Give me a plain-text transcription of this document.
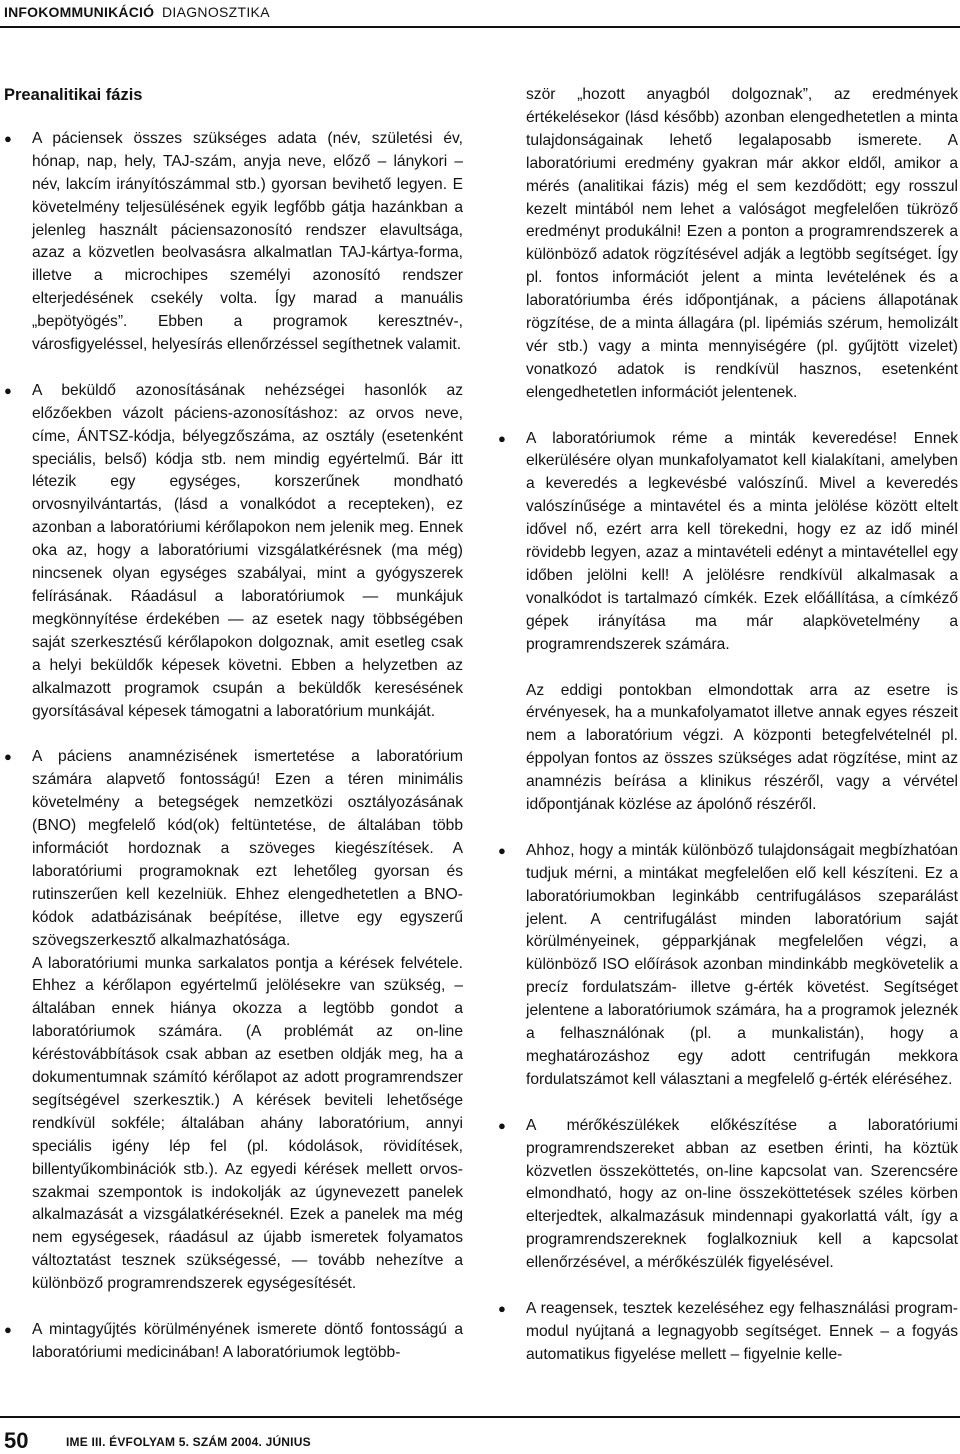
INFOKOMMUNIKÁCIÓ DIAGNOSZTIKA
Preanalitikai fázis
● A páciensek összes szükséges adata (név, születési év, hónap, nap, hely, TAJ-szám, anyja neve, előző – lánykori – név, lakcím irányítószámmal stb.) gyorsan bevihető legyen. E követelmény teljesülésének egyik legfőbb gátja hazánkban a jelenleg használt páciensazonosító rendszer elavultsága, azaz a közvetlen beolvasásra alkalmatlan TAJ-kártya-forma, illetve a microchipes személyi azonosító rendszer elterjedésének csekély volta. Így marad a manuális „bepötyögés”. Ebben a programok keresztnév-, városfigyeléssel, helyesírás ellenőrzéssel segíthetnek valamit.

● A beküldő azonosításának nehézségei hasonlók az előzőekben vázolt páciens-azonosításhoz: az orvos neve, címe, ÁNTSZ-kódja, bélyegzőszáma, az osztály (esetenként speciális, belső) kódja stb. nem mindig egyértelmű. Bár itt létezik egy egységes, korszerűnek mondható orvosnyilvántartás, (lásd a vonalkódot a recepteken), ez azonban a laboratóriumi kérőlapokon nem jelenik meg. Ennek oka az, hogy a laboratóriumi vizsgálatkérésnek (ma még) nincsenek olyan egységes szabályai, mint a gyógyszerek felírásának. Ráadásul a laboratóriumok — munkájuk megkönnyítése érdekében — az esetek nagy többségében saját szerkesztésű kérőlapokon dolgoznak, amit esetleg csak a helyi beküldők képesek követni. Ebben a helyzetben az alkalmazott programok csupán a beküldők keresésének gyorsításával képesek támogatni a laboratórium munkáját.

● A páciens anamnézisének ismertetése a laboratórium számára alapvető fontosságú! Ezen a téren minimális követelmény a betegségek nemzetközi osztályozásának (BNO) megfelelő kód(ok) feltüntetése, de általában több információt hordoznak a szöveges kiegészítések. A laboratóriumi programoknak ezt lehetőleg gyorsan és rutinszerűen kell kezelniük. Ehhez elengedhetetlen a BNO-kódok adatbázisának beépítése, illetve egy egyszerű szövegszerkesztő alkalmazhatósága.

A laboratóriumi munka sarkalatos pontja a kérések felvétele. Ehhez a kérőlapon egyértelmű jelölésekre van szükség, – általában ennek hiánya okozza a legtöbb gondot a laboratóriumok számára. (A problémát az on-line kéréstovábbítások csak abban az esetben oldják meg, ha a dokumentumnak számító kérőlapot az adott programrendszer segítségével szerkesztik.) A kérések beviteli lehetősége rendkívül sokféle; általában ahány laboratórium, annyi speciális igény lép fel (pl. kódolások, rövidítések, billentyűkombinációk stb.). Az egyedi kérések mellett orvos-szakmai szempontok is indokolják az úgynevezett panelek alkalmazását a vizsgálatkéréseknél. Ezek a panelek ma még nem egységesek, ráadásul az újabb ismeretek folyamatos változtatást tesznek szükségessé, — tovább nehezítve a különböző programrendszerek egységesítését.

● A mintagyűjtés körülményének ismerete döntő fontosságú a laboratóriumi medicinában! A laboratóriumok legtöbb-

ször „hozott anyagból dolgoznak”, az eredmények értékelésekor (lásd később) azonban elengedhetetlen a minta tulajdonságainak lehető legalaposabb ismerete. A laboratóriumi eredmény gyakran már akkor eldől, amikor a mérés (analitikai fázis) még el sem kezdődött; egy rosszul kezelt mintából nem lehet a valóságot megfelelően tükröző eredményt produkálni! Ezen a ponton a programrendszerek a különböző adatok rögzítésével adják a legtöbb segítséget. Így pl. fontos információt jelent a minta levételének és a laboratóriumba érés időpontjának, a páciens állapotának rögzítése, de a minta állagára (pl. lipémiás szérum, hemolizált vér stb.) vagy a minta mennyiségére (pl. gyűjtött vizelet) vonatkozó adatok is rendkívül hasznos, esetenként elengedhetetlen információt jelentenek.

● A laboratóriumok réme a minták keveredése! Ennek elkerülésére olyan munkafolyamatot kell kialakítani, amelyben a keveredés a legkevésbé valószínű. Mivel a keveredés valószínűsége a mintavétel és a minta jelölése között eltelt idővel nő, ezért arra kell törekedni, hogy ez az idő minél rövidebb legyen, azaz a mintavételi edényt a mintavétellel egy időben jelölni kell! A jelölésre rendkívül alkalmasak a vonalkódot is tartalmazó címkék. Ezek előállítása, a címkéző gépek irányítása ma már alapkövetelmény a programrendszerek számára.

Az eddigi pontokban elmondottak arra az esetre is érvényesek, ha a munkafolyamatot illetve annak egyes részeit nem a laboratórium végzi. A központi betegfelvételnél pl. éppolyan fontos az összes szükséges adat rögzítése, mint az anamnézis beírása a klinikus részéről, vagy a vérvétel időpontjának közlése az ápolónő részéről.

● Ahhoz, hogy a minták különböző tulajdonságait megbízhatóan tudjuk mérni, a mintákat megfelelően elő kell készíteni. Ez a laboratóriumokban leginkább centrifugálásos szeparálást jelent. A centrifugálást minden laboratórium saját körülményeinek, gépparkjának megfelelően végzi, a különböző ISO előírások azonban mindinkább megkövetelik a precíz fordulatszám- illetve g-érték követést. Segítséget jelentene a laboratóriumok számára, ha a programok jeleznék a felhasználónak (pl. a munkalistán), hogy a meghatározáshoz egy adott centrifugán mekkora fordulatszámot kell választani a megfelelő g-érték eléréséhez.

● A mérőkészülékek előkészítése a laboratóriumi programrendszereket abban az esetben érinti, ha köztük közvetlen összeköttetés, on-line kapcsolat van. Szerencsére elmondható, hogy az on-line összeköttetések széles körben elterjedtek, alkalmazásuk mindennapi gyakorlattá vált, így a programrendszereknek foglalkozniuk kell a kapcsolat ellenőrzésével, a mérőkészülék figyelésével.

● A reagensek, tesztek kezeléséhez egy felhasználási program-modul nyújtaná a legnagyobb segítséget. Ennek – a fogyás automatikus figyelése mellett – figyelnie kelle-

50	IME III. ÉVFOLYAM 5. SZÁM 2004. JÚNIUS
